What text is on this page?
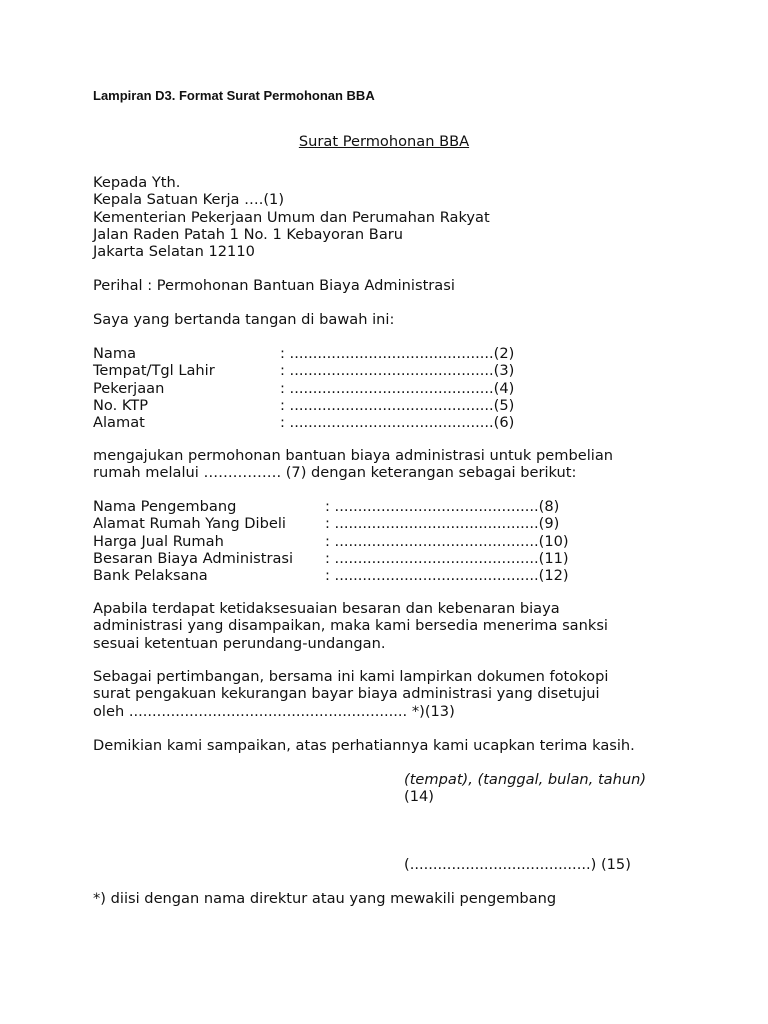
Lampiran D3. Format Surat Permohonan BBA
Surat Permohonan BBA
Kepada Yth.
Kepala Satuan Kerja ….(1)
Kementerian Pekerjaan Umum dan Perumahan Rakyat
Jalan Raden Patah 1 No. 1 Kebayoran Baru
Jakarta Selatan 12110
Perihal : Permohonan Bantuan Biaya Administrasi
Saya yang bertanda tangan di bawah ini:
Nama	: ............................................(2)
Tempat/Tgl Lahir	: ............................................(3)
Pekerjaan	: ............................................(4)
No. KTP	: ............................................(5)
Alamat	: ............................................(6)
mengajukan permohonan bantuan biaya administrasi untuk pembelian
rumah melalui ……………. (7) dengan keterangan sebagai berikut:
Nama Pengembang	: ............................................(8)
Alamat Rumah Yang Dibeli	: ............................................(9)
Harga Jual Rumah	: ............................................(10)
Besaran Biaya Administrasi	: ............................................(11)
Bank Pelaksana	: ............................................(12)
Apabila terdapat ketidaksesuaian besaran dan kebenaran biaya
administrasi yang disampaikan, maka kami bersedia menerima sanksi
sesuai ketentuan perundang-undangan.
Sebagai pertimbangan, bersama ini kami lampirkan dokumen fotokopi
surat pengakuan kekurangan bayar biaya administrasi yang disetujui
oleh ............................................................ *)(13)
Demikian kami sampaikan, atas perhatiannya kami ucapkan terima kasih.
(tempat), (tanggal, bulan, tahun)
(14)
(.......................................) (15)
*) diisi dengan nama direktur atau yang mewakili pengembang
